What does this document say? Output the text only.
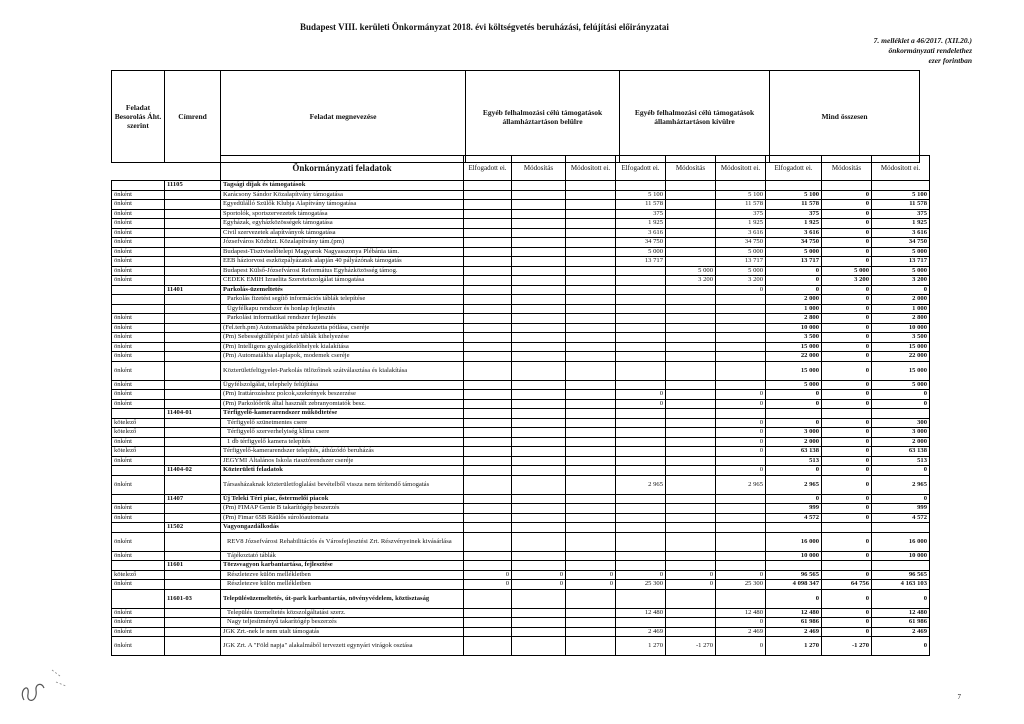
Budapest VIII. kerületi Önkormányzat 2018. évi költségvetés beruházási, felújítási előirányzatai
7. melléklet a 46/2017. (XII.20.)
önkormányzati rendelethez
ezer forintban
Feladat Besorolás Áht. szerint
Címrend	Feladat megnevezése	Egyéb felhalmozási célú támogatások államháztartáson belülre
Egyéb felhalmozási célú támogatások államháztartáson kívülre	Mind összesen
		Önkormányzati feladatok	Elfogadott ei.	Módosítás	Módosított ei.	Elfogadott ei.	Módosítás	Módosított ei.	Elfogadott ei.	Módosítás	Módosított ei.
	11105	Tagsági díjak és támogatások									
önként		Karácsony Sándor Közalapítvány támogatása				5 100		5 100	5 100	0	5 100
önként		Egyedülálló Szülők Klubja Alapítvány támogatása				11 578		11 578	11 578	0	11 578
önként		Sportolók, sportszervezetek támogatása				375		375	375	0	375
önként		Egyházak, egyházközösségek támogatása				1 925		1 925	1 925	0	1 925
önként		Civil szervezetek alapítványok támogatása				3 616		3 616	3 616	0	3 616
önként		Józsefváros Közbizt. Közalapítvány tám.(pm)				34 750		34 750	34 750	0	34 750
önként		Budapest-Tisztviselőtelepi Magyarok Nagyasszonya Plébánia tám.				5 000		5 000	5 000	0	5 000
önként		EEB háziorvosi eszközpályázatok alapján 40 pályázónak támogatás				13 717		13 717	13 717	0	13 717
önként		Budapest Külső-Józsefvárosi Református Egyházközösség támog.					5 000	5 000	0	5 000	5 000
önként		CEDEK EMIH Izraelita Szeretetszolgálat támogatása					3 200	3 200	0	3 200	3 200
	11401	Parkolás-üzemeltetés						0	0	0	0
		Parkolás fizetést segítő információs táblák telepítése							2 000	0	2 000
		Ügyfélkapu rendszer és honlap fejlesztés							1 000	0	1 000
önként		Parkolási informatikai rendszer fejlesztés							2 800	0	2 800
önként		(Fel.terh.pm) Automatákba pénzkazetta pótlása, cseréje							10 000	0	10 000
önként		(Pm) Sebességtúllépést jelző táblák kihelyezése							3 500	0	3 500
önként		(Pm) Intelligens gyalogátkelőhelyek kialakítása							15 000	0	15 000
önként		(Pm) Automatákba alaplapok, modemek cseréje							22 000	0	22 000
önként		Közterületfelügyelet-Parkolás ötlözőinek szátválasztása és kialakítása							15 000	0	15 000
önként		Ügyfélszolgálat, telephely felújítása							5 000	0	5 000
önként		(Pm) Irattározáshoz polcok,szekrények beszerzése				0		0	0	0	0
önként		(Pm) Parkolóőrök által használt zebranyomtatók besz.				0		0	0	0	0
	11404-01	Térfigyelő-kamerarendszer működtetése									
kötelező		Térfigyelő szünetmentes csere						0	0	0	300
kötelező		Térfigyelő szerverhelyiség klíma csere						0	3 000	0	3 000
önként		1 db térfigyelő kamera telepítés						0	2 000	0	2 000
kötelező		Térfigyelő-kamerarendszer telepítés, áthúzódó beruházás						0	63 138	0	63 138
önként		JEGYMI Általános Iskola riasztórendszer cseréje							513	0	513
	11404-02	Közterületi feladatok						0	0	0	0
önként		Társasházaknak közterületfoglalási bevételből vissza nem térítendő támogatás				2 965		2 965	2 965	0	2 965
	11407	Új Teleki Téri piac, őstermelői piacok							0	0	0
önként		(Pm) FIMAP Genie B takarítógép beszerzés							999	0	999
önként		(Pm) Fimar 65B Ráülős súrolóautomata							4 572	0	4 572
	11502	Vagyongazdálkodás									
önként		REV8 Józsefvárosi Rehabilitációs és Városfejlesztési Zrt. Részvényeinek kivásárlása							16 000	0	16 000
önként		Tájékoztató táblák							10 000	0	10 000
	11601	Törzsvagyon karbantartása, fejlesztése									
kötelező		Részletezve külön mellékletben	0	0	0	0	0	0	96 565	0	96 565
önként		Részletezve külön mellékletben	0	0	0	25 300	0	25 300	4 098 347	64 756	4 163 103
	11601-03	Településüzemeltetés, út-park karbantartás, növényvédelem, köztisztaság							0	0	0
önként		Település üzemeltetés közszolgáltatási szerz.				12 480		12 480	12 480	0	12 480
önként		Nagy teljesítményű takarítógép beszerzés						0	61 986	0	61 986
önként		JGK Zrt.-nek le nem utalt támogatás				2 469		2 469	2 469	0	2 469
önként		JGK Zrt. A "Föld napja" alakalmából tervezett egynyári virágok osztása				1 270	-1 270	0	1 270	-1 270	0
7
